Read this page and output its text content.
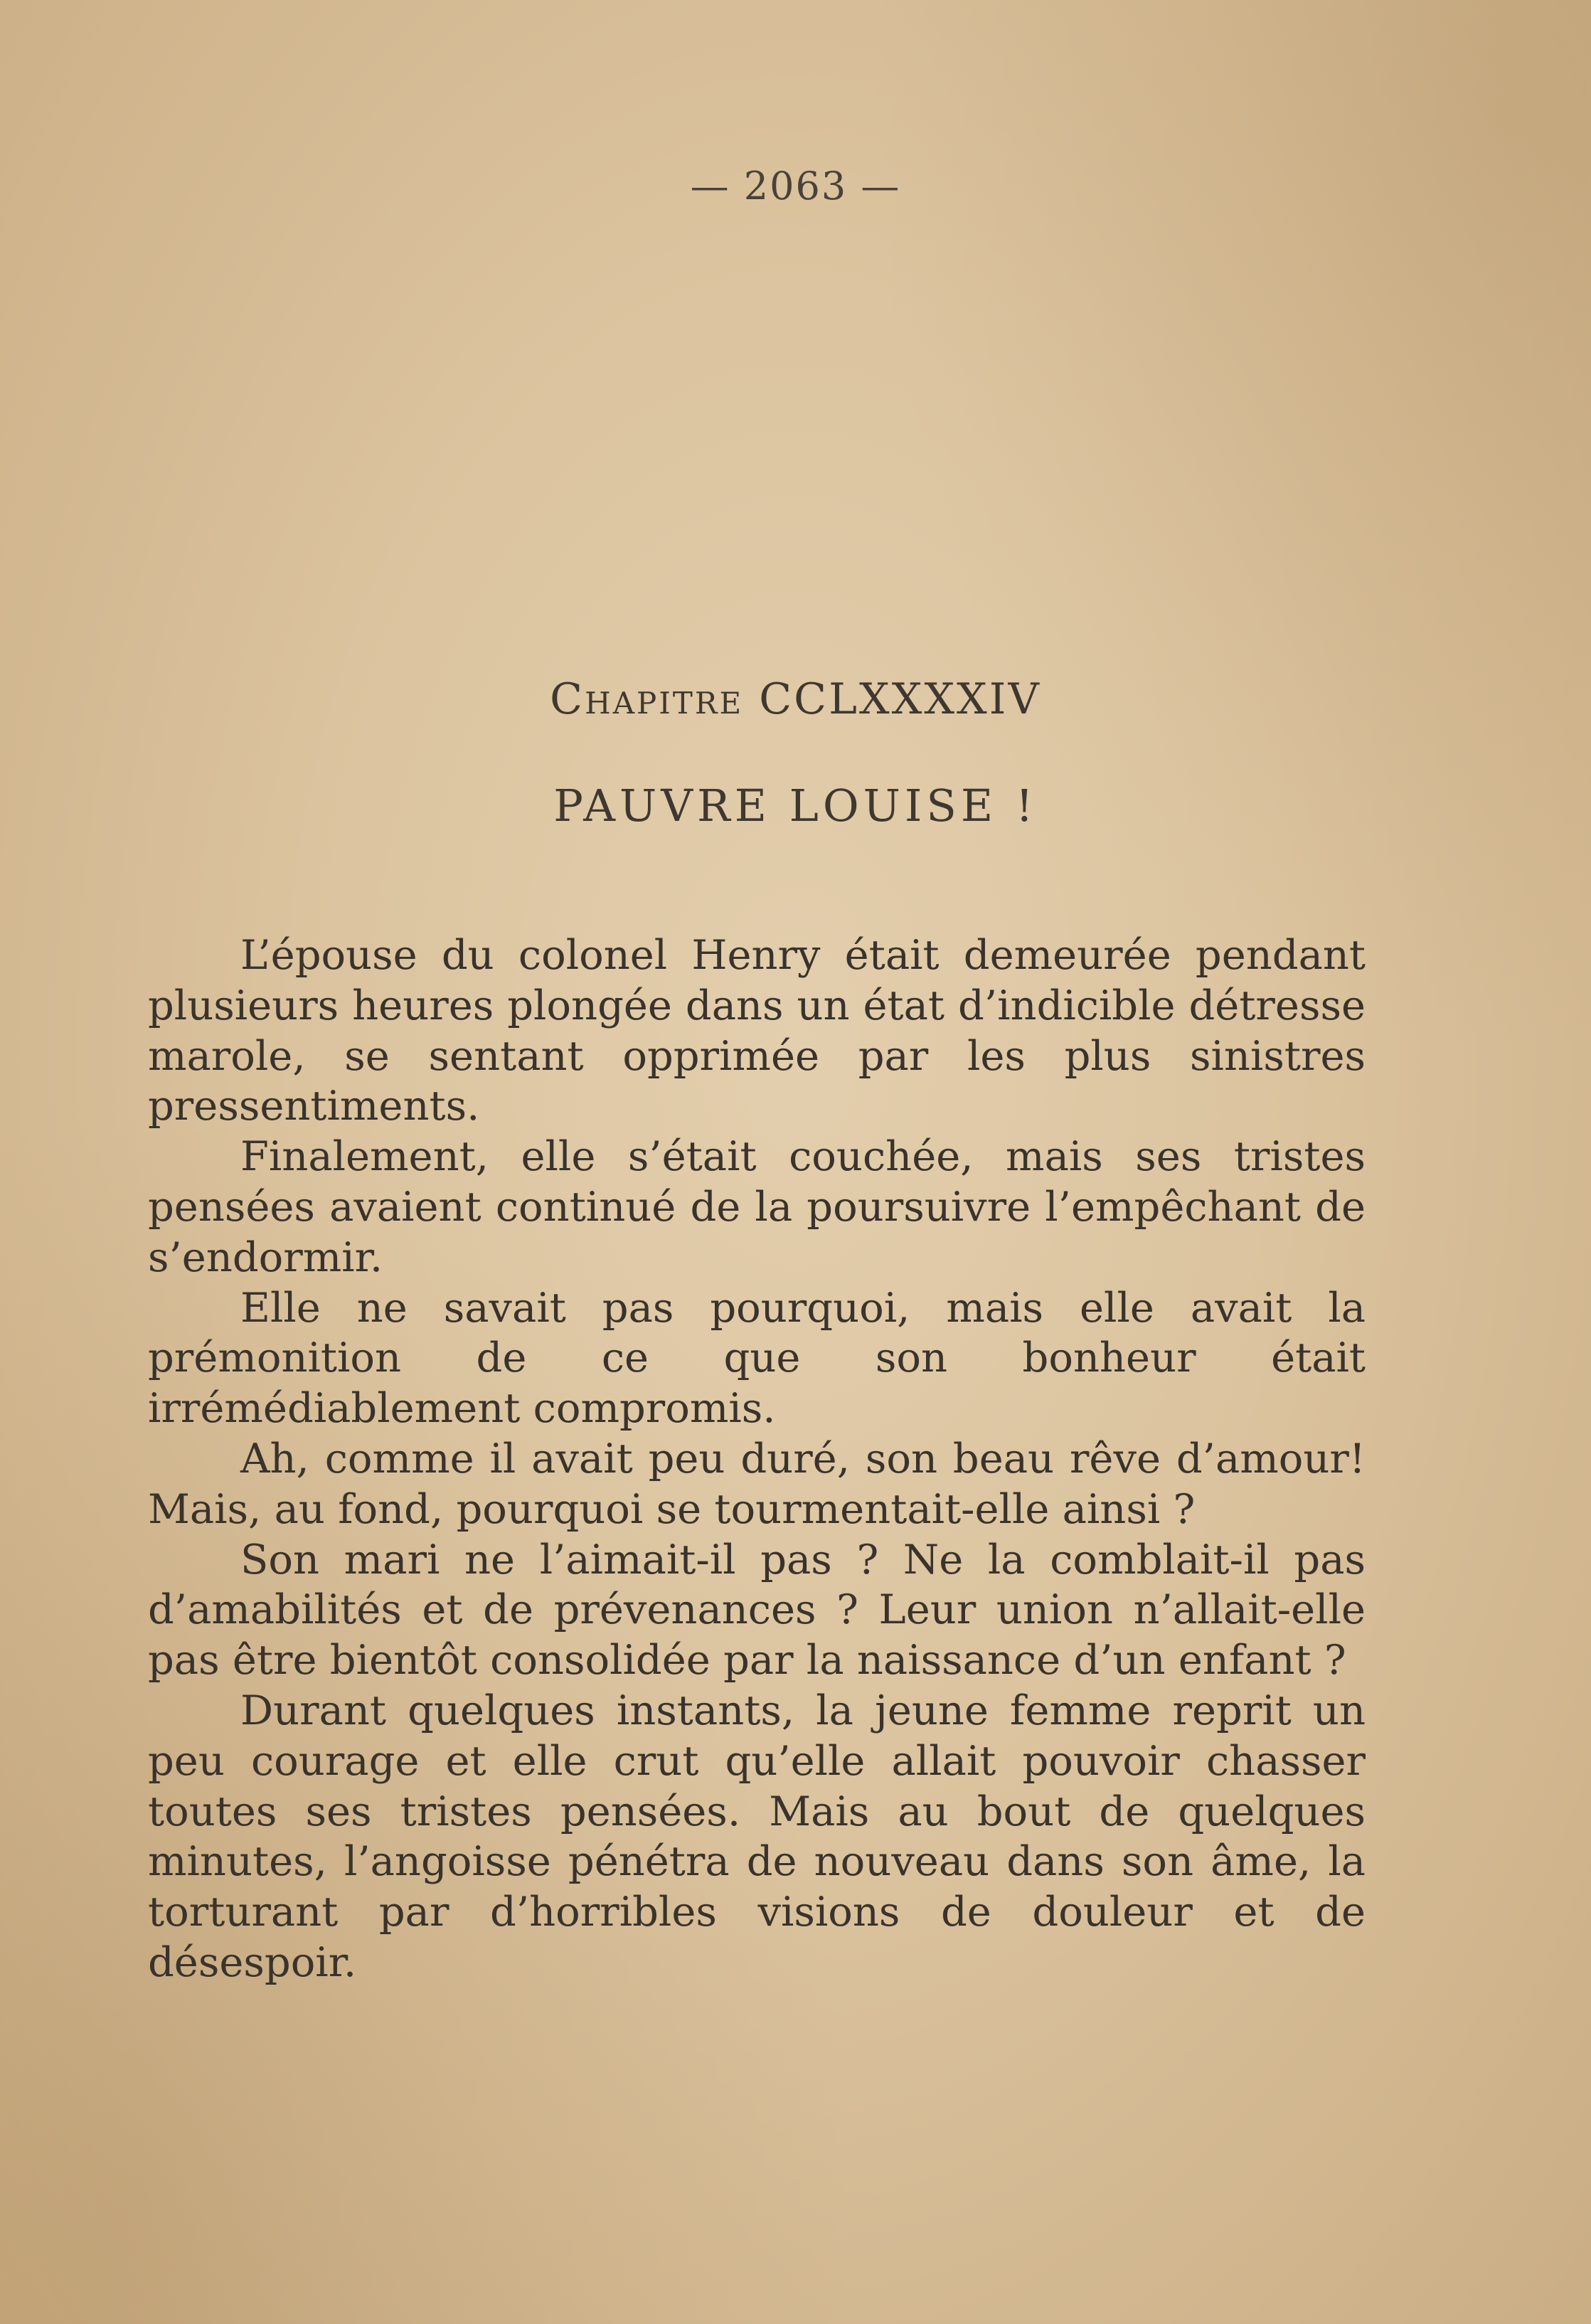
— 2063 —
Chapitre CCLXXXXIV
PAUVRE LOUISE !

L’épouse du colonel Henry était demeurée pendant plusieurs heures plongée dans un état d’indicible détresse marole, se sentant opprimée par les plus sinistres pressentiments.

Finalement, elle s’était couchée, mais ses tristes pensées avaient continué de la poursuivre l’empêchant de s’endormir.

Elle ne savait pas pourquoi, mais elle avait la prémonition de ce que son bonheur était irrémédiablement compromis.

Ah, comme il avait peu duré, son beau rêve d’amour! Mais, au fond, pourquoi se tourmentait-elle ainsi ?

Son mari ne l’aimait-il pas ? Ne la comblait-il pas d’amabilités et de prévenances ? Leur union n’allait-elle pas être bientôt consolidée par la naissance d’un enfant ?

Durant quelques instants, la jeune femme reprit un peu courage et elle crut qu’elle allait pouvoir chasser toutes ses tristes pensées. Mais au bout de quelques minutes, l’angoisse pénétra de nouveau dans son âme, la torturant par d’horribles visions de douleur et de désespoir.
